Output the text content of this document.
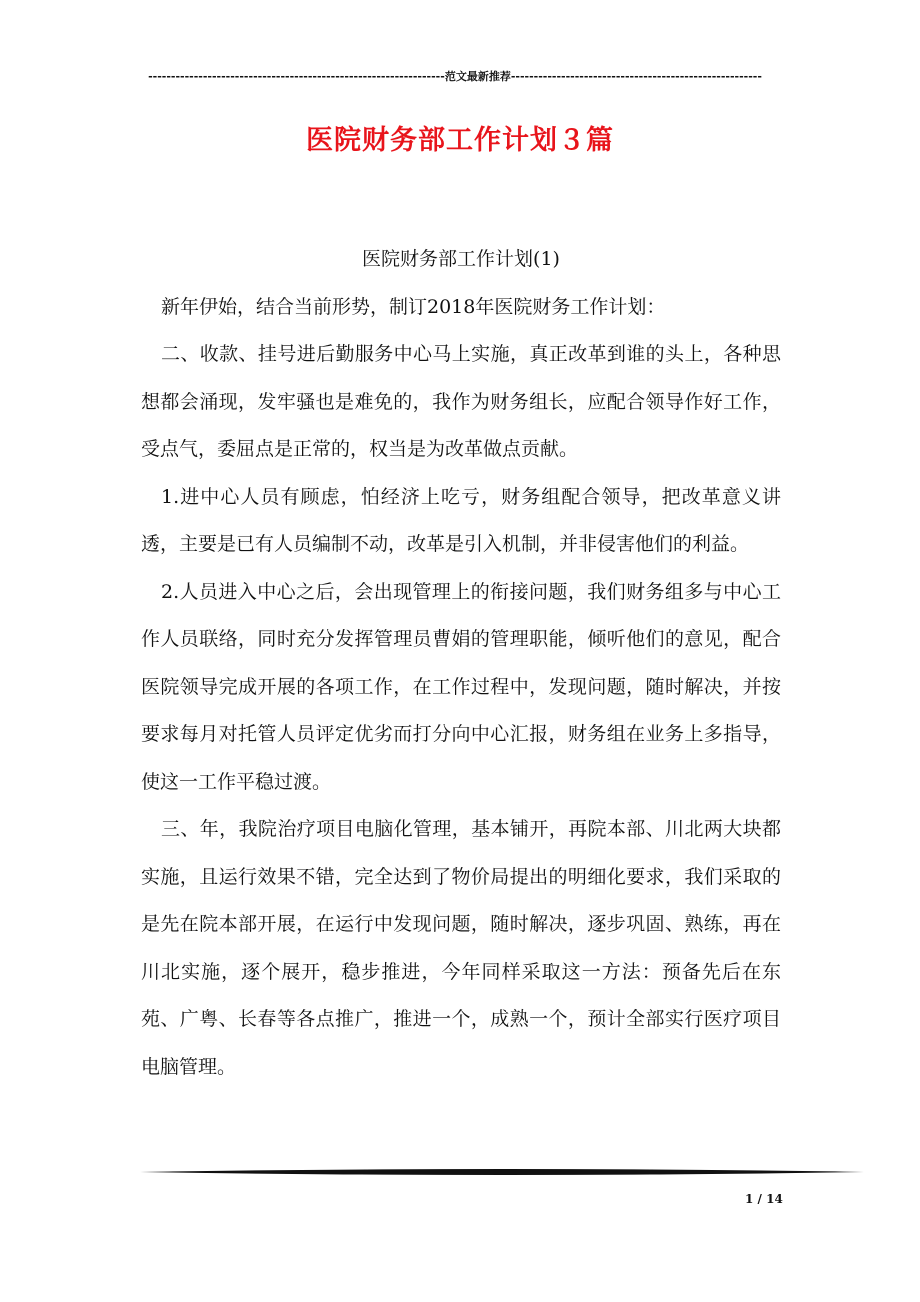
-----------------------------------------------------------------范文最新推荐-------------------------------------------------------
医院财务部工作计划３篇

医院财务部工作计划(1)

新年伊始，结合当前形势，制订2018年医院财务工作计划：

二、收款、挂号进后勤服务中心马上实施，真正改革到谁的头上，各种思想都会涌现，发牢骚也是难免的，我作为财务组长，应配合领导作好工作，受点气，委屈点是正常的，权当是为改革做点贡献。

1.进中心人员有顾虑，怕经济上吃亏，财务组配合领导，把改革意义讲透，主要是已有人员编制不动，改革是引入机制，并非侵害他们的利益。

2.人员进入中心之后，会出现管理上的衔接问题，我们财务组多与中心工作人员联络，同时充分发挥管理员曹娟的管理职能，倾听他们的意见，配合医院领导完成开展的各项工作，在工作过程中，发现问题，随时解决，并按要求每月对托管人员评定优劣而打分向中心汇报，财务组在业务上多指导，使这一工作平稳过渡。

三、年，我院治疗项目电脑化管理，基本铺开，再院本部、川北两大块都实施，且运行效果不错，完全达到了物价局提出的明细化要求，我们采取的是先在院本部开展，在运行中发现问题，随时解决，逐步巩固、熟练，再在川北实施，逐个展开，稳步推进，今年同样采取这一方法：预备先后在东苑、广粤、长春等各点推广，推进一个，成熟一个，预计全部实行医疗项目电脑管理。

1 / 14
